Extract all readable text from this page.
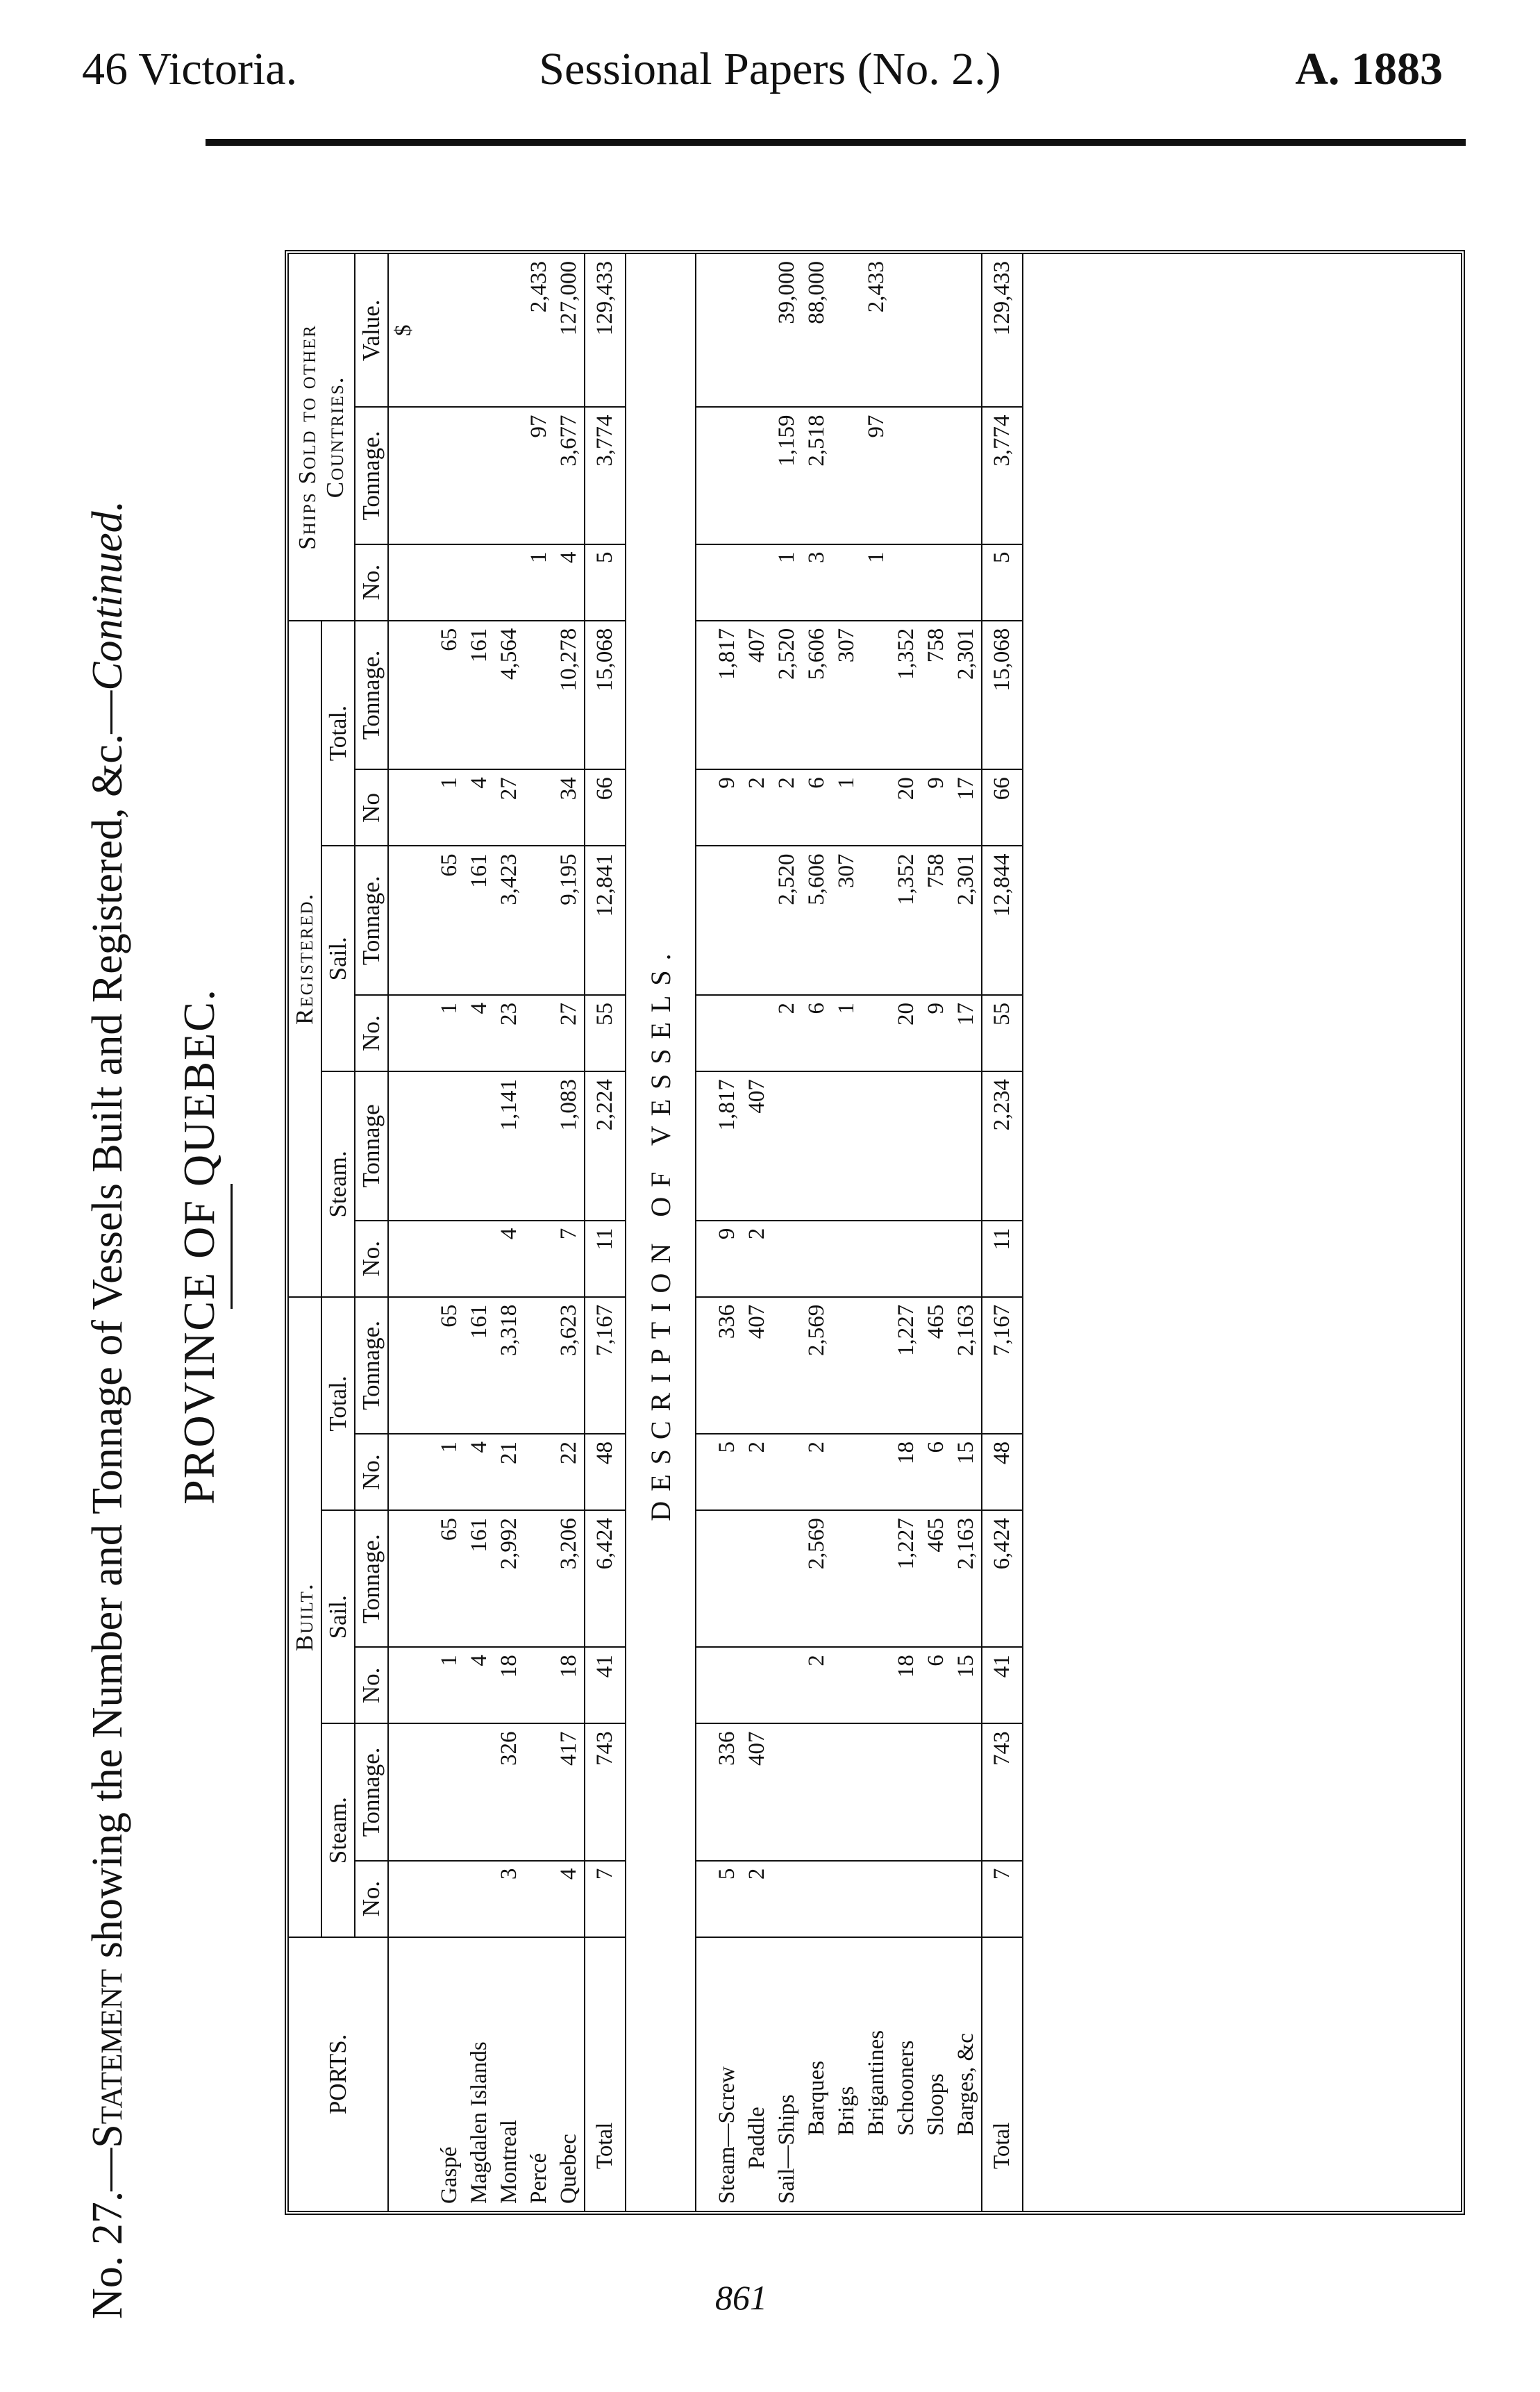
46 Victoria.	Sessional Papers (No. 2.)	A. 1883
No. 27.—Statement showing the Number and Tonnage of Vessels Built and Registered, &c.—Continued.
PROVINCE OF QUEBEC.
PORTS.	Built.						Registered.						Ships Sold to other Countries.		
	Steam.		Sail.		Total.		Steam.		Sail.		Total.				
	No.	Tonnage.	No.	Tonnage.	No.	Tonnage.	No.	Tonnage	No.	Tonnage.	No	Tonnage.	No.	Tonnage.	Value.
															$
Gaspé			1	65	1	65			1	65	1	65			
Magdalen Islands			4	161	4	161			4	161	4	161			
Montreal	3	326	18	2,992	21	3,318	4	1,141	23	3,423	27	4,564			
Percé													1	97	2,433
Quebec	4	417	18	3,206	22	3,623	7	1,083	27	9,195	34	10,278	4	3,677	127,000
Total	7	743	41	6,424	48	7,167	11	2,224	55	12,841	66	15,068	5	3,774	129,433
DESCRIPTION OF VESSELS.															
Steam—Screw	5	336			5	336	9	1,817			9	1,817			
Paddle	2	407			2	407	2	407			2	407			
Sail—Ships									2	2,520	2	2,520	1	1,159	39,000
Barques			2	2,569	2	2,569			6	5,606	6	5,606	3	2,518	88,000
Brigs									1	307	1	307			
Brigantines													1	97	2,433
Schooners			18	1,227	18	1,227			20	1,352	20	1,352			
Sloops			6	465	6	465			9	758	9	758			
Barges, &c			15	2,163	15	2,163			17	2,301	17	2,301			
Total	7	743	41	6,424	48	7,167	11	2,234	55	12,844	66	15,068	5	3,774	129,433
861
